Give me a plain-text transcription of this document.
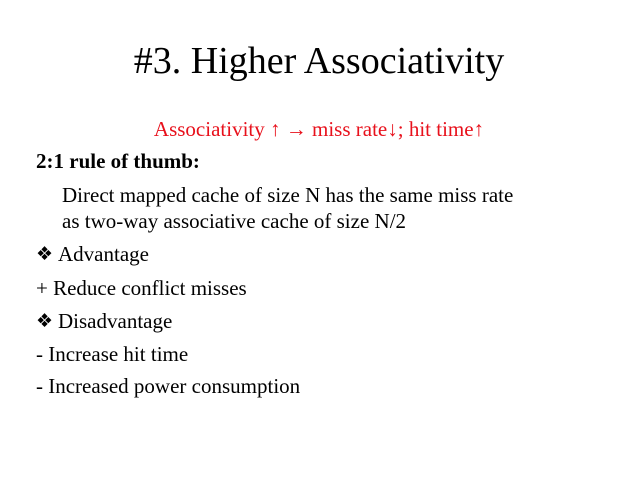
#3. Higher Associativity
Associativity ↑ → miss rate↓; hit time↑
2:1 rule of thumb:
Direct mapped cache of size N has the same miss rate
as two-way associative cache of size N/2
❖ Advantage
+ Reduce conflict misses
❖ Disadvantage
- Increase hit time
- Increased power consumption
